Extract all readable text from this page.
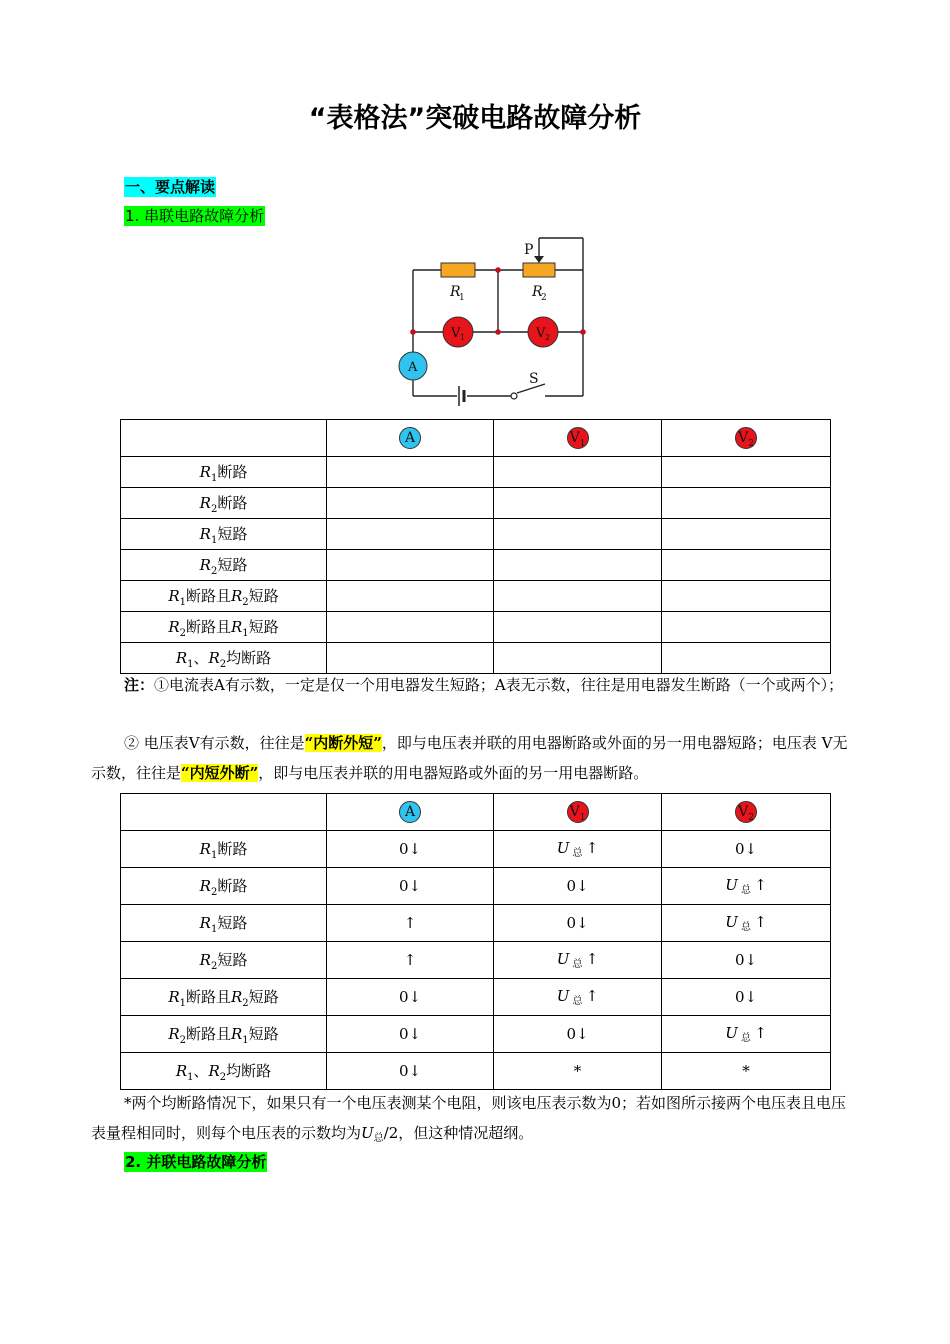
“表格法”突破电路故障分析
一、要点解读
1. 串联电路故障分析
P
R
1	R
2
V 1	V 2
A
S
	A	$V_1$	$V_2$
$R_1$断路			
$R_2$断路			
$R_1$短路			
$R_2$短路			
$R_1$断路且$R_2$短路			
$R_2$断路且$R_1$短路			
$R_1$、$R_2$均断路			
注：①电流表A有示数，一定是仅一个用电器发生短路；A表无示数，往往是用电器发生断路（一个或两个）；
② 电压表V有示数，往往是“内断外短”，即与电压表并联的用电器断路或外面的另一用电器短路；电压表 V无示数，往往是“内短外断”，即与电压表并联的用电器短路或外面的另一用电器断路。
	A	$V_1$	$V_2$
$R_1$断路	0↓	U $_总$ ↑	0↓
$R_2$断路	0↓	0↓	U $_总$ ↑
$R_1$短路	↑	0↓	U $_总$ ↑
$R_2$短路	↑	U $_总$ ↑	0↓
$R_1$断路且$R_2$短路	0↓	U $_总$ ↑	0↓
$R_2$断路且$R_1$短路	0↓	0↓	U $_总$ ↑
$R_1$、$R_2$均断路	0↓	*	*
*两个均断路情况下，如果只有一个电压表测某个电阻，则该电压表示数为0；若如图所示接两个电压表且电压表量程相同时，则每个电压表的示数均为$U_总/2$，但这种情况超纲。
2. 并联电路故障分析
